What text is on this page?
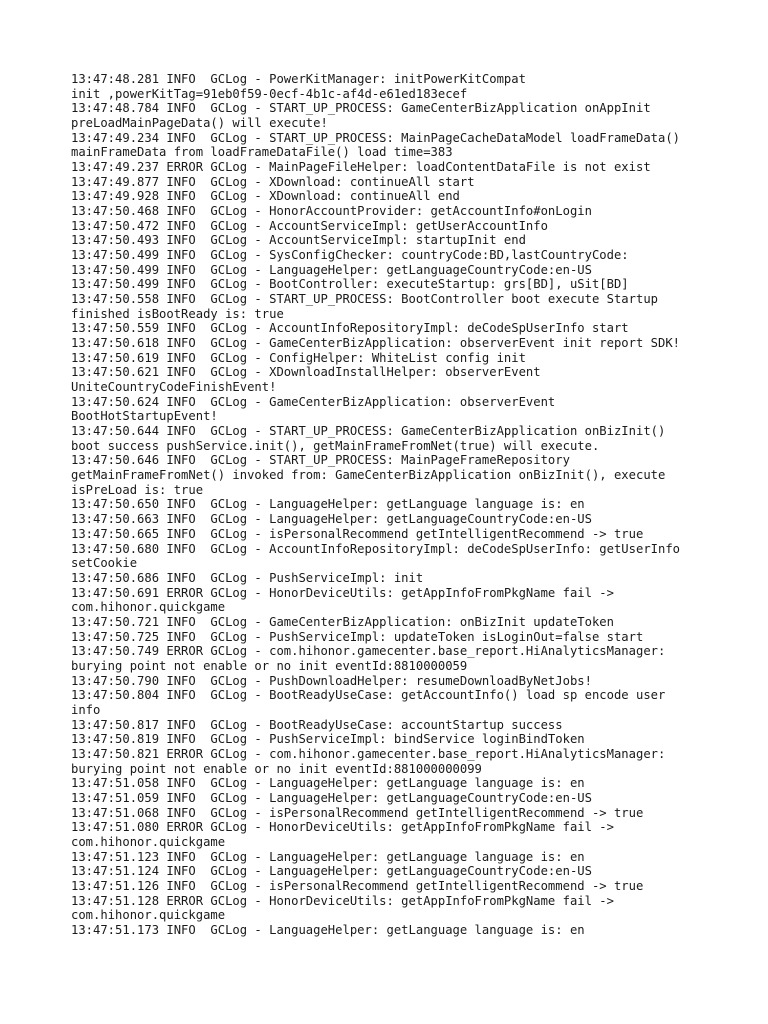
13:47:48.281 INFO  GCLog - PowerKitManager: initPowerKitCompat
init ,powerKitTag=91eb0f59-0ecf-4b1c-af4d-e61ed183ecef
13:47:48.784 INFO  GCLog - START_UP_PROCESS: GameCenterBizApplication onAppInit
preLoadMainPageData() will execute!
13:47:49.234 INFO  GCLog - START_UP_PROCESS: MainPageCacheDataModel loadFrameData()
mainFrameData from loadFrameDataFile() load time=383
13:47:49.237 ERROR GCLog - MainPageFileHelper: loadContentDataFile is not exist
13:47:49.877 INFO  GCLog - XDownload: continueAll start
13:47:49.928 INFO  GCLog - XDownload: continueAll end
13:47:50.468 INFO  GCLog - HonorAccountProvider: getAccountInfo#onLogin
13:47:50.472 INFO  GCLog - AccountServiceImpl: getUserAccountInfo
13:47:50.493 INFO  GCLog - AccountServiceImpl: startupInit end
13:47:50.499 INFO  GCLog - SysConfigChecker: countryCode:BD,lastCountryCode:
13:47:50.499 INFO  GCLog - LanguageHelper: getLanguageCountryCode:en-US
13:47:50.499 INFO  GCLog - BootController: executeStartup: grs[BD], uSit[BD]
13:47:50.558 INFO  GCLog - START_UP_PROCESS: BootController boot execute Startup
finished isBootReady is: true
13:47:50.559 INFO  GCLog - AccountInfoRepositoryImpl: deCodeSpUserInfo start
13:47:50.618 INFO  GCLog - GameCenterBizApplication: observerEvent init report SDK!
13:47:50.619 INFO  GCLog - ConfigHelper: WhiteList config init
13:47:50.621 INFO  GCLog - XDownloadInstallHelper: observerEvent
UniteCountryCodeFinishEvent!
13:47:50.624 INFO  GCLog - GameCenterBizApplication: observerEvent
BootHotStartupEvent!
13:47:50.644 INFO  GCLog - START_UP_PROCESS: GameCenterBizApplication onBizInit()
boot success pushService.init(), getMainFrameFromNet(true) will execute.
13:47:50.646 INFO  GCLog - START_UP_PROCESS: MainPageFrameRepository
getMainFrameFromNet() invoked from: GameCenterBizApplication onBizInit(), execute
isPreLoad is: true
13:47:50.650 INFO  GCLog - LanguageHelper: getLanguage language is: en
13:47:50.663 INFO  GCLog - LanguageHelper: getLanguageCountryCode:en-US
13:47:50.665 INFO  GCLog - isPersonalRecommend getIntelligentRecommend -> true
13:47:50.680 INFO  GCLog - AccountInfoRepositoryImpl: deCodeSpUserInfo: getUserInfo
setCookie
13:47:50.686 INFO  GCLog - PushServiceImpl: init
13:47:50.691 ERROR GCLog - HonorDeviceUtils: getAppInfoFromPkgName fail ->
com.hihonor.quickgame
13:47:50.721 INFO  GCLog - GameCenterBizApplication: onBizInit updateToken
13:47:50.725 INFO  GCLog - PushServiceImpl: updateToken isLoginOut=false start
13:47:50.749 ERROR GCLog - com.hihonor.gamecenter.base_report.HiAnalyticsManager:
burying point not enable or no init eventId:8810000059
13:47:50.790 INFO  GCLog - PushDownloadHelper: resumeDownloadByNetJobs!
13:47:50.804 INFO  GCLog - BootReadyUseCase: getAccountInfo() load sp encode user
info
13:47:50.817 INFO  GCLog - BootReadyUseCase: accountStartup success
13:47:50.819 INFO  GCLog - PushServiceImpl: bindService loginBindToken
13:47:50.821 ERROR GCLog - com.hihonor.gamecenter.base_report.HiAnalyticsManager:
burying point not enable or no init eventId:881000000099
13:47:51.058 INFO  GCLog - LanguageHelper: getLanguage language is: en
13:47:51.059 INFO  GCLog - LanguageHelper: getLanguageCountryCode:en-US
13:47:51.068 INFO  GCLog - isPersonalRecommend getIntelligentRecommend -> true
13:47:51.080 ERROR GCLog - HonorDeviceUtils: getAppInfoFromPkgName fail ->
com.hihonor.quickgame
13:47:51.123 INFO  GCLog - LanguageHelper: getLanguage language is: en
13:47:51.124 INFO  GCLog - LanguageHelper: getLanguageCountryCode:en-US
13:47:51.126 INFO  GCLog - isPersonalRecommend getIntelligentRecommend -> true
13:47:51.128 ERROR GCLog - HonorDeviceUtils: getAppInfoFromPkgName fail ->
com.hihonor.quickgame
13:47:51.173 INFO  GCLog - LanguageHelper: getLanguage language is: en
